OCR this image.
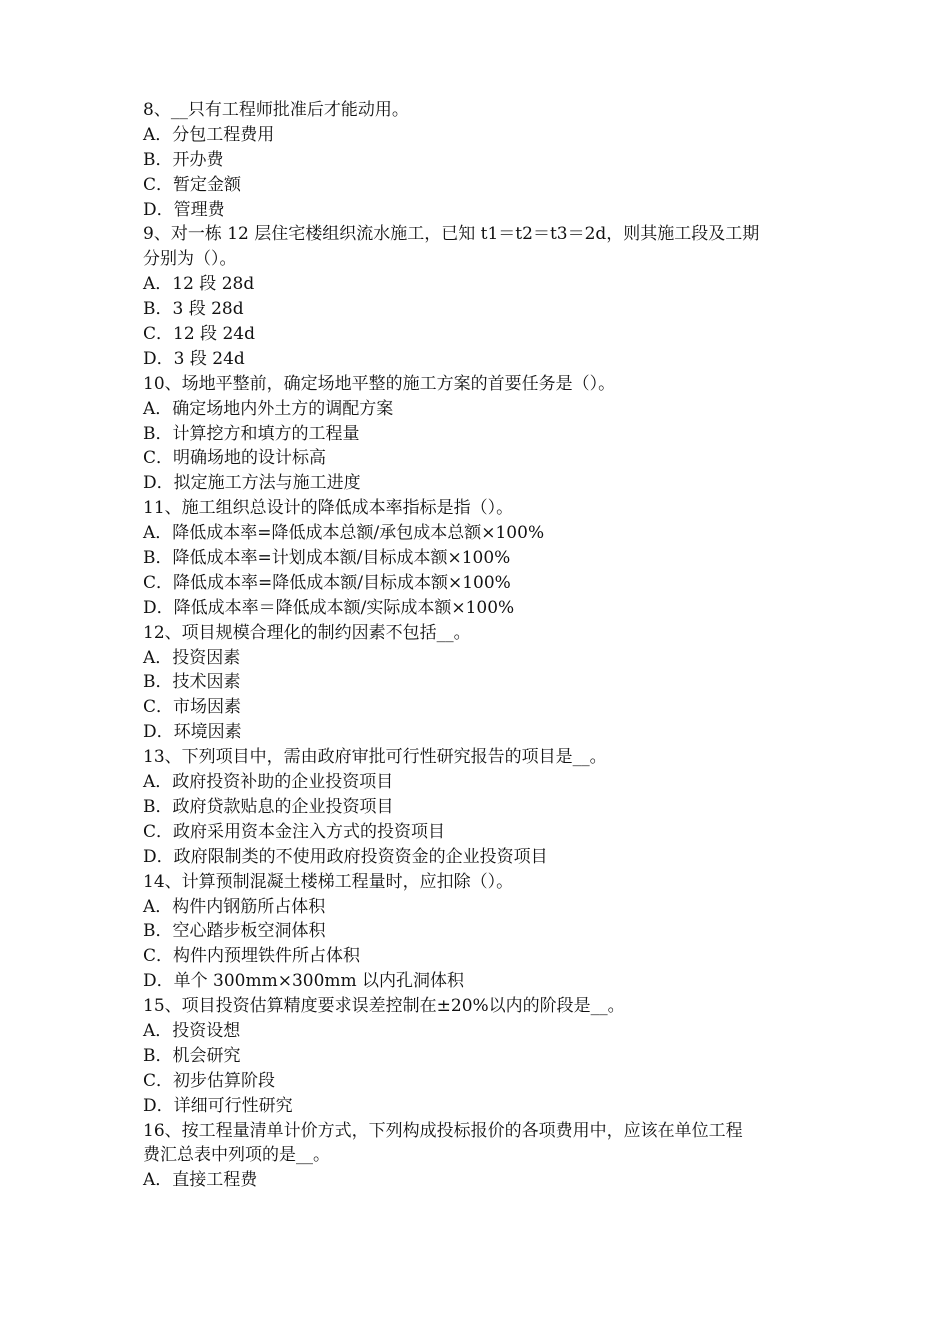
8、__只有工程师批准后才能动用。
A．分包工程费用
B．开办费
C．暂定金额
D．管理费
9、对一栋 12 层住宅楼组织流水施工，已知 t1＝t2＝t3＝2d，则其施工段及工期
分别为（）。
A．12 段 28d
B．3 段 28d
C．12 段 24d
D．3 段 24d
10、场地平整前，确定场地平整的施工方案的首要任务是（）。
A．确定场地内外土方的调配方案
B．计算挖方和填方的工程量
C．明确场地的设计标高
D．拟定施工方法与施工进度
11、施工组织总设计的降低成本率指标是指（）。
A．降低成本率=降低成本总额/承包成本总额×100%
B．降低成本率=计划成本额/目标成本额×100%
C．降低成本率=降低成本额/目标成本额×100%
D．降低成本率＝降低成本额/实际成本额×100%
12、项目规模合理化的制约因素不包括__。
A．投资因素
B．技术因素
C．市场因素
D．环境因素
13、下列项目中，需由政府审批可行性研究报告的项目是__。
A．政府投资补助的企业投资项目
B．政府贷款贴息的企业投资项目
C．政府采用资本金注入方式的投资项目
D．政府限制类的不使用政府投资资金的企业投资项目
14、计算预制混凝土楼梯工程量时，应扣除（）。
A．构件内钢筋所占体积
B．空心踏步板空洞体积
C．构件内预埋铁件所占体积
D．单个 300mm×300mm 以内孔洞体积
15、项目投资估算精度要求误差控制在±20%以内的阶段是__。
A．投资设想
B．机会研究
C．初步估算阶段
D．详细可行性研究
16、按工程量清单计价方式，下列构成投标报价的各项费用中，应该在单位工程
费汇总表中列项的是__。
A．直接工程费
